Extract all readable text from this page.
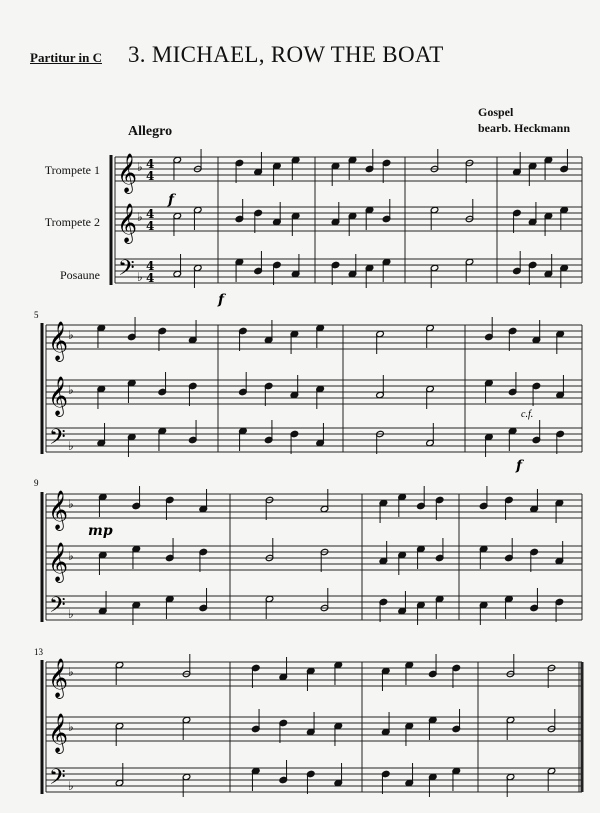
Partitur in C 3. MICHAEL, ROW THE BOAT
Gospel
bearb. Heckmann
Allegro
Trompete 1
Trompete 2
Posaune
𝄞 ♭ 4
4
𝄞 ♭ 4
4
𝄢 ♭
4
4
𝄞 ♭
𝄞 ♭
𝄢 ♭
𝄞 ♭
𝄞 ♭
𝄢 ♭
𝄞 ♭
𝄞 ♭
𝄢 ♭
5
9
13
f
f
f
c.f.
mp
